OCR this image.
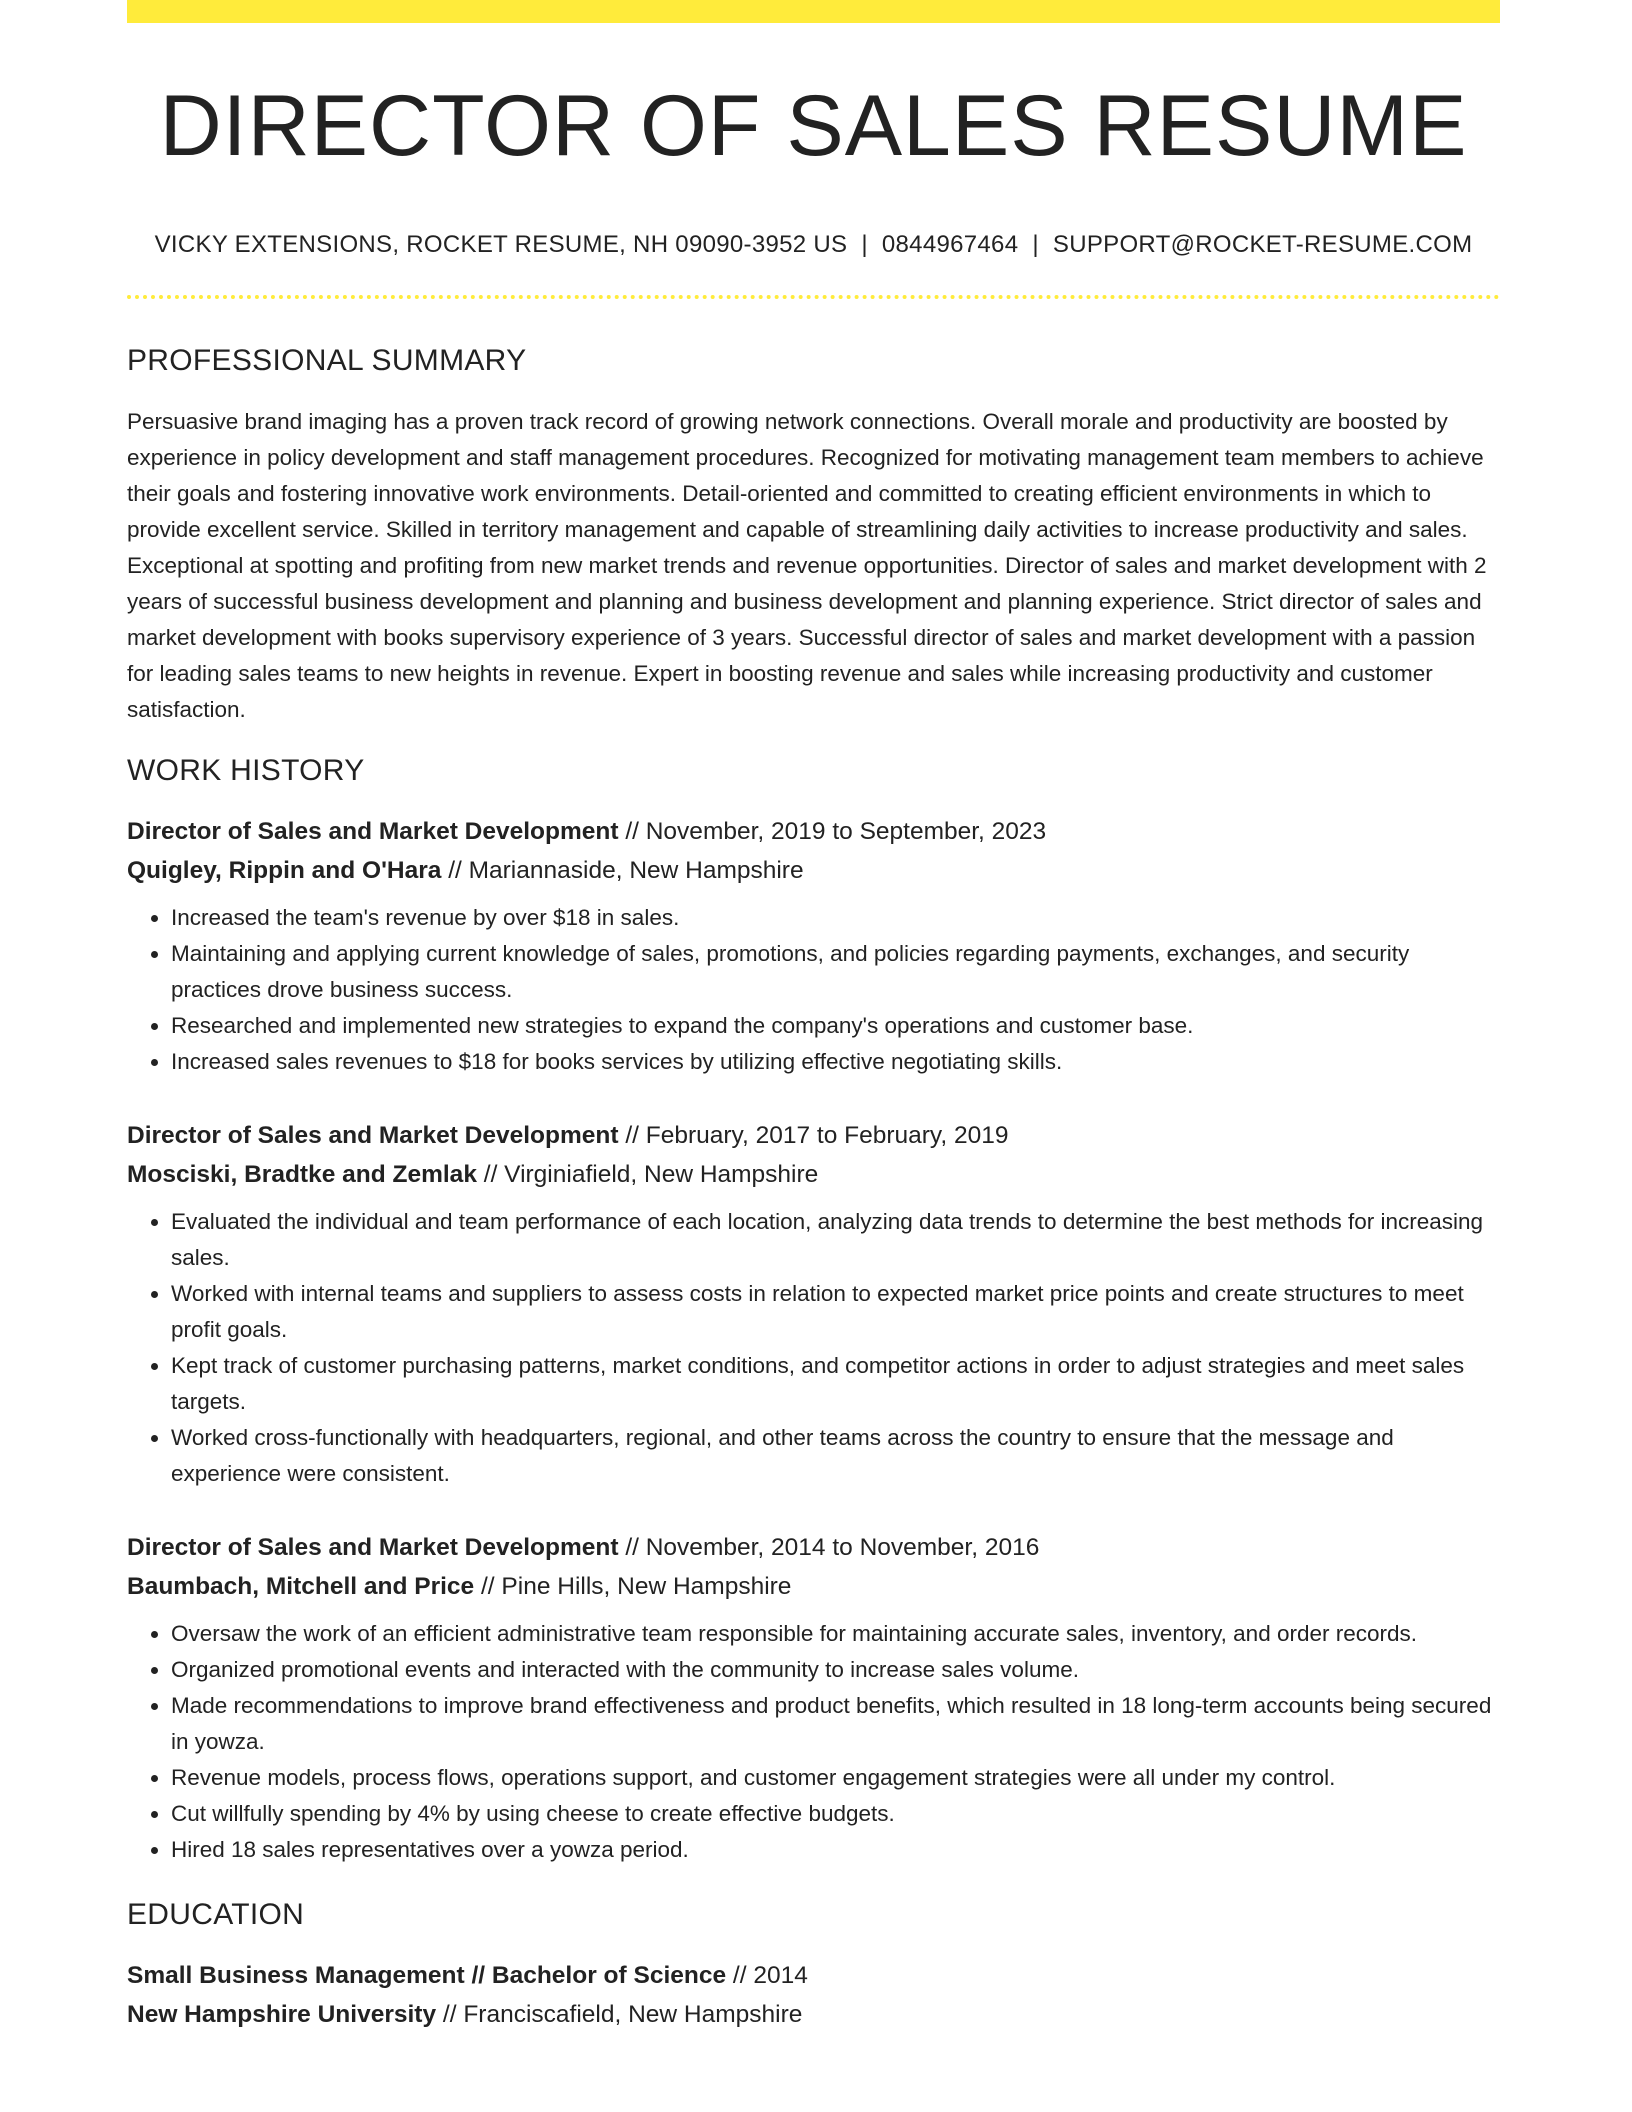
DIRECTOR OF SALES RESUME
VICKY EXTENSIONS, ROCKET RESUME, NH 09090-3952 US | 0844967464 | SUPPORT@ROCKET-RESUME.COM
PROFESSIONAL SUMMARY

Persuasive brand imaging has a proven track record of growing network connections. Overall morale and productivity are boosted by experience in policy development and staff management procedures. Recognized for motivating management team members to achieve their goals and fostering innovative work environments. Detail-oriented and committed to creating efficient environments in which to provide excellent service. Skilled in territory management and capable of streamlining daily activities to increase productivity and sales. Exceptional at spotting and profiting from new market trends and revenue opportunities. Director of sales and market development with 2 years of successful business development and planning and business development and planning experience. Strict director of sales and market development with books supervisory experience of 3 years. Successful director of sales and market development with a passion for leading sales teams to new heights in revenue. Expert in boosting revenue and sales while increasing productivity and customer satisfaction.

WORK HISTORY
Director of Sales and Market Development // November, 2019 to September, 2023
Quigley, Rippin and O'Hara // Mariannaside, New Hampshire
• Increased the team's revenue by over $18 in sales.
• Maintaining and applying current knowledge of sales, promotions, and policies regarding payments, exchanges, and security practices drove business success.
• Researched and implemented new strategies to expand the company's operations and customer base.
• Increased sales revenues to $18 for books services by utilizing effective negotiating skills.
Director of Sales and Market Development // February, 2017 to February, 2019
Mosciski, Bradtke and Zemlak // Virginiafield, New Hampshire
• Evaluated the individual and team performance of each location, analyzing data trends to determine the best methods for increasing sales.
• Worked with internal teams and suppliers to assess costs in relation to expected market price points and create structures to meet profit goals.
• Kept track of customer purchasing patterns, market conditions, and competitor actions in order to adjust strategies and meet sales targets.
• Worked cross-functionally with headquarters, regional, and other teams across the country to ensure that the message and experience were consistent.
Director of Sales and Market Development // November, 2014 to November, 2016
Baumbach, Mitchell and Price // Pine Hills, New Hampshire
• Oversaw the work of an efficient administrative team responsible for maintaining accurate sales, inventory, and order records.
• Organized promotional events and interacted with the community to increase sales volume.
• Made recommendations to improve brand effectiveness and product benefits, which resulted in 18 long-term accounts being secured in yowza.
• Revenue models, process flows, operations support, and customer engagement strategies were all under my control.
• Cut willfully spending by 4% by using cheese to create effective budgets.
• Hired 18 sales representatives over a yowza period.
EDUCATION
Small Business Management // Bachelor of Science // 2014
New Hampshire University // Franciscafield, New Hampshire
